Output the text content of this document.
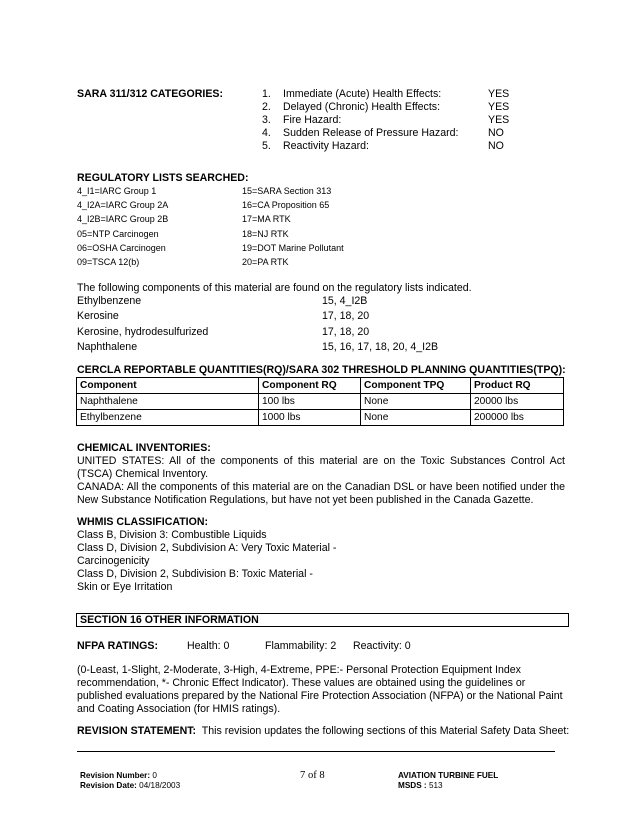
SARA 311/312 CATEGORIES:	1. Immediate (Acute) Health Effects:	YES
2. Delayed (Chronic) Health Effects:	YES
3. Fire Hazard:	YES
4. Sudden Release of Pressure Hazard:	NO
5. Reactivity Hazard:	NO
REGULATORY LISTS SEARCHED:
4_I1=IARC Group 1	15=SARA Section 313
4_I2A=IARC Group 2A	16=CA Proposition 65
4_I2B=IARC Group 2B	17=MA RTK
05=NTP Carcinogen	18=NJ RTK
06=OSHA Carcinogen	19=DOT Marine Pollutant
09=TSCA 12(b)	20=PA RTK
The following components of this material are found on the regulatory lists indicated.
Ethylbenzene	15, 4_I2B
Kerosine	17, 18, 20
Kerosine, hydrodesulfurized	17, 18, 20
Naphthalene	15, 16, 17, 18, 20, 4_I2B
CERCLA REPORTABLE QUANTITIES(RQ)/SARA 302 THRESHOLD PLANNING QUANTITIES(TPQ):
Component	Component RQ	Component TPQ	Product RQ
Naphthalene	100 lbs	None	20000 lbs
Ethylbenzene	1000 lbs	None	200000 lbs
CHEMICAL INVENTORIES:
UNITED STATES: All of the components of this material are on the Toxic Substances Control Act (TSCA) Chemical Inventory.
CANADA: All the components of this material are on the Canadian DSL or have been notified under the New Substance Notification Regulations, but have not yet been published in the Canada Gazette.
WHMIS CLASSIFICATION:
Class B, Division 3: Combustible Liquids
Class D, Division 2, Subdivision A: Very Toxic Material -
Carcinogenicity
Class D, Division 2, Subdivision B: Toxic Material -
Skin or Eye Irritation
SECTION 16 OTHER INFORMATION
NFPA RATINGS:	Health: 0	Flammability: 2 Reactivity: 0
(0-Least, 1-Slight, 2-Moderate, 3-High, 4-Extreme, PPE:- Personal Protection Equipment Index recommendation, *- Chronic Effect Indicator). These values are obtained using the guidelines or published evaluations prepared by the National Fire Protection Association (NFPA) or the National Paint and Coating Association (for HMIS ratings).
REVISION STATEMENT: This revision updates the following sections of this Material Safety Data Sheet:
Revision Number: 0
Revision Date: 04/18/2003
7 of 8	AVIATION TURBINE FUEL
MSDS : 513
